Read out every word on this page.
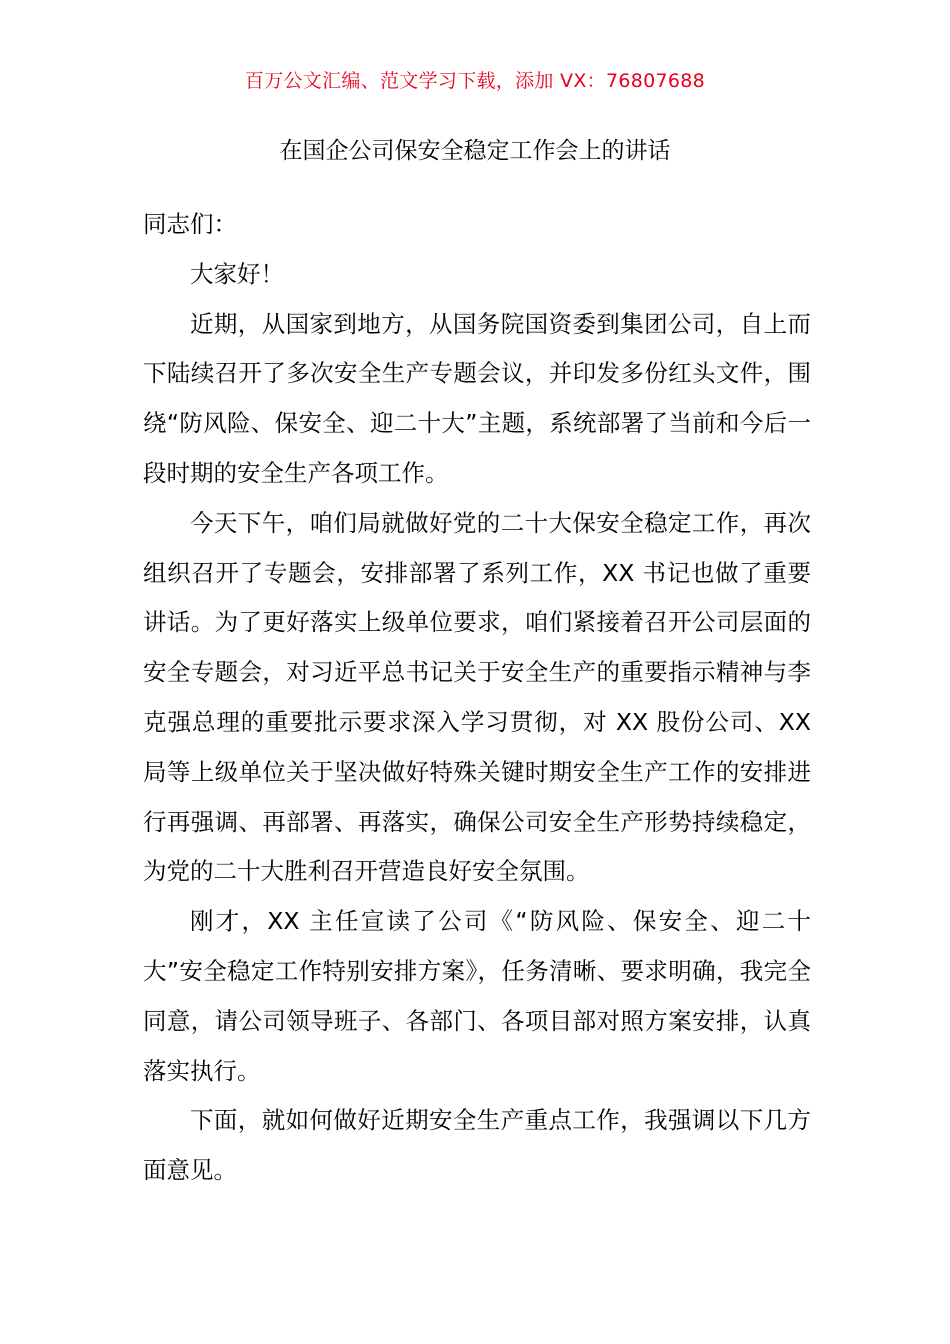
百万公文汇编、范文学习下载，添加 VX：76807688
在国企公司保安全稳定工作会上的讲话

同志们：

大家好！

近期，从国家到地方，从国务院国资委到集团公司，自上而下陆续召开了多次安全生产专题会议，并印发多份红头文件，围绕“防风险、保安全、迎二十大”主题，系统部署了当前和今后一段时期的安全生产各项工作。

今天下午，咱们局就做好党的二十大保安全稳定工作，再次组织召开了专题会，安排部署了系列工作，XX 书记也做了重要讲话。为了更好落实上级单位要求，咱们紧接着召开公司层面的安全专题会，对习近平总书记关于安全生产的重要指示精神与李克强总理的重要批示要求深入学习贯彻，对 XX 股份公司、XX 局等上级单位关于坚决做好特殊关键时期安全生产工作的安排进行再强调、再部署、再落实，确保公司安全生产形势持续稳定，为党的二十大胜利召开营造良好安全氛围。

刚才，XX 主任宣读了公司《“防风险、保安全、迎二十大”安全稳定工作特别安排方案》，任务清晰、要求明确，我完全同意，请公司领导班子、各部门、各项目部对照方案安排，认真落实执行。

下面，就如何做好近期安全生产重点工作，我强调以下几方面意见。
